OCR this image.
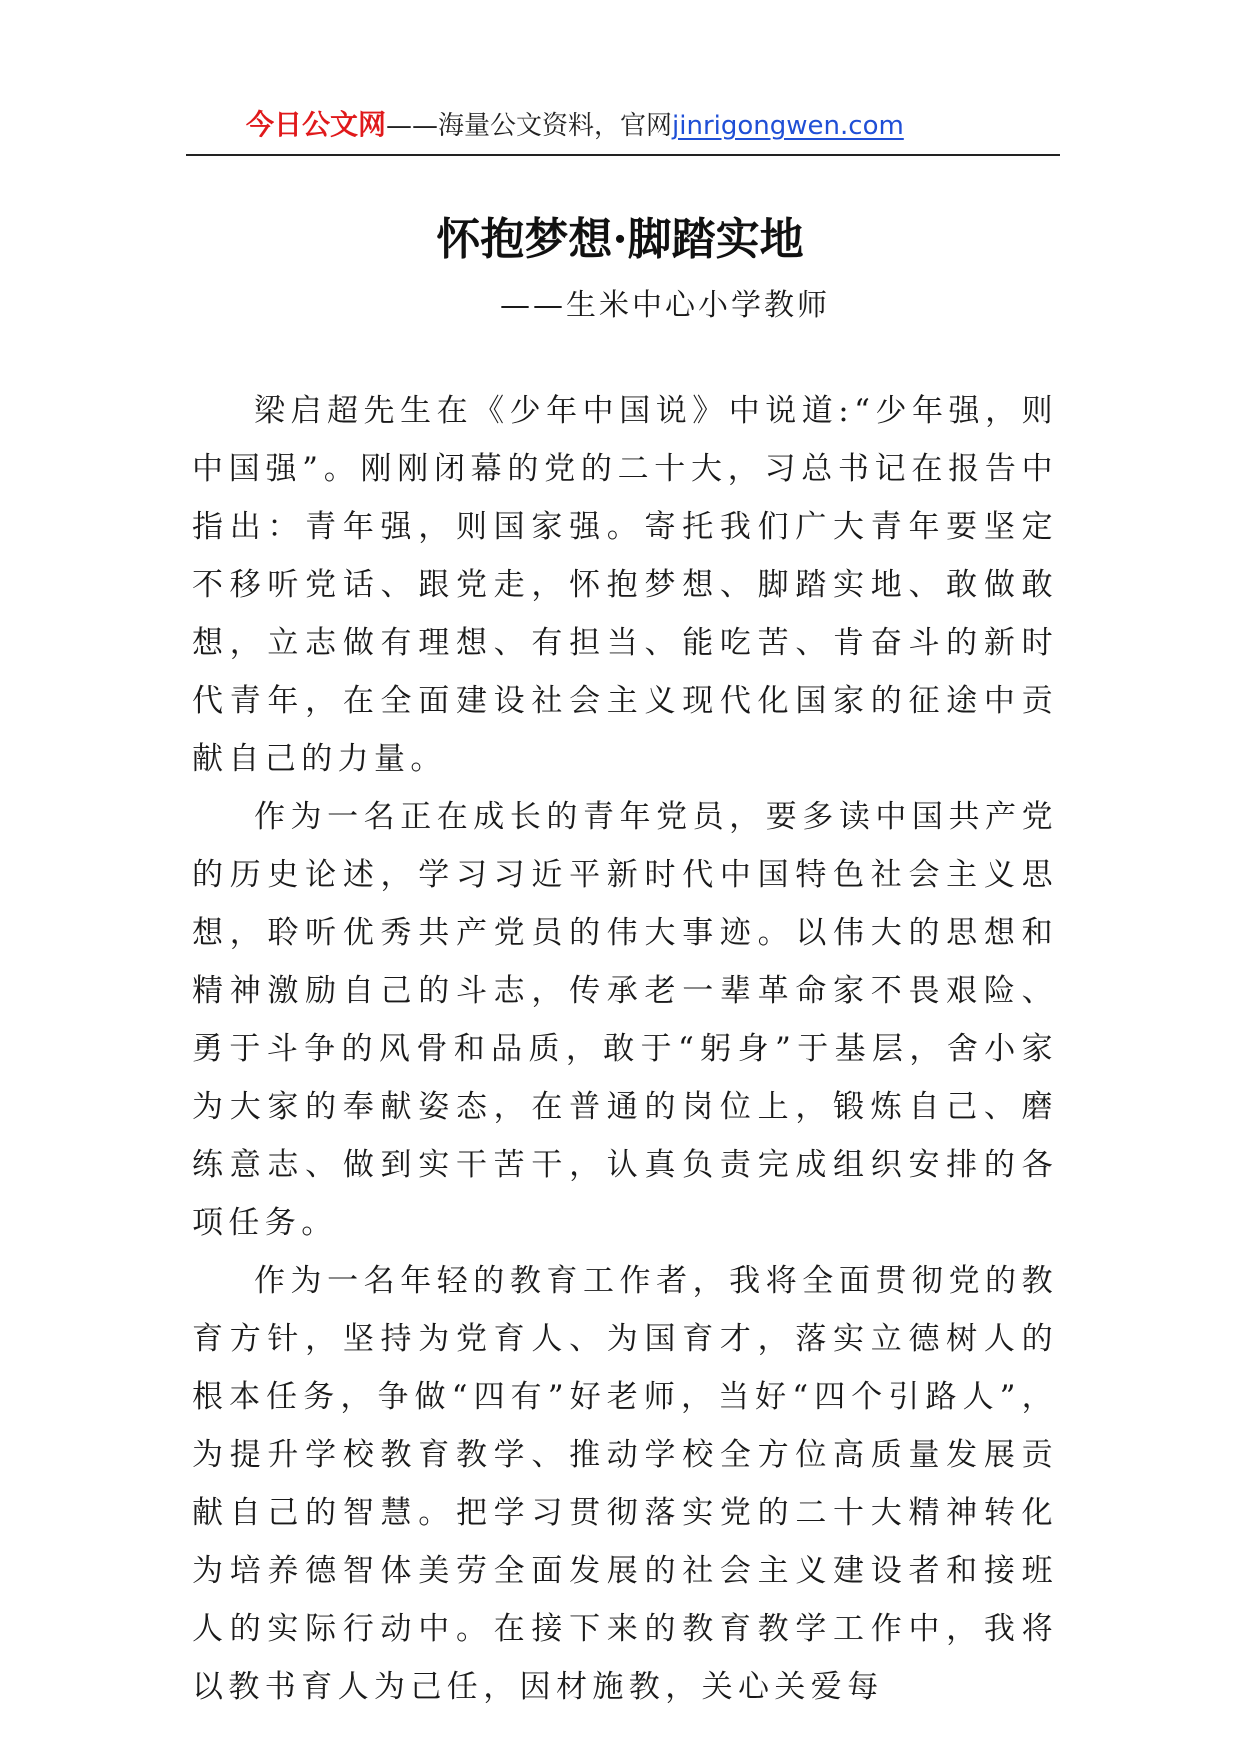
今日公文网——海量公文资料，官网jinrigongwen.com
怀抱梦想·脚踏实地
——生米中心小学教师

梁启超先生在《少年中国说》中说道:“少年强，则中国强”。刚刚闭幕的党的二十大，习总书记在报告中指出：青年强，则国家强。寄托我们广大青年要坚定不移听党话、跟党走，怀抱梦想、脚踏实地、敢做敢想，立志做有理想、有担当、能吃苦、肯奋斗的新时代青年，在全面建设社会主义现代化国家的征途中贡献自己的力量。

作为一名正在成长的青年党员，要多读中国共产党的历史论述，学习习近平新时代中国特色社会主义思想，聆听优秀共产党员的伟大事迹。以伟大的思想和精神激励自己的斗志，传承老一辈革命家不畏艰险、勇于斗争的风骨和品质，敢于“躬身”于基层，舍小家为大家的奉献姿态，在普通的岗位上，锻炼自己、磨练意志、做到实干苦干，认真负责完成组织安排的各项任务。

作为一名年轻的教育工作者，我将全面贯彻党的教育方针，坚持为党育人、为国育才，落实立德树人的根本任务，争做“四有”好老师，当好“四个引路人”，为提升学校教育教学、推动学校全方位高质量发展贡献自己的智慧。把学习贯彻落实党的二十大精神转化为培养德智体美劳全面发展的社会主义建设者和接班人的实际行动中。在接下来的教育教学工作中，我将以教书育人为己任，因材施教，关心关爱每
